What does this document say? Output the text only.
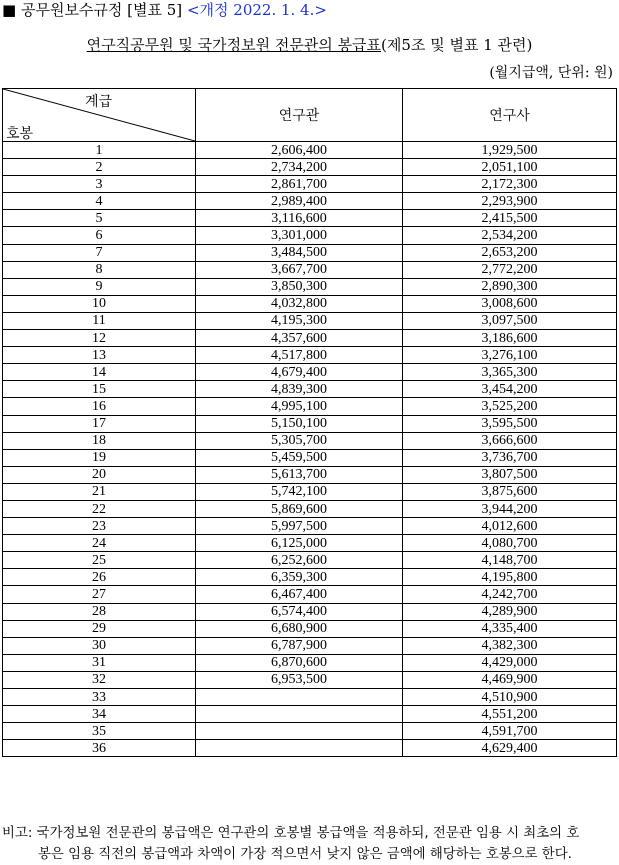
■ 공무원보수규정 [별표 5] <개정 2022. 1. 4.>
연구직공무원 및 국가정보원 전문관의 봉급표(제5조 및 별표 1 관련)
(월지급액, 단위: 원)
계급
호봉	연구관	연구사
1	2,606,400	1,929,500
2	2,734,200	2,051,100
3	2,861,700	2,172,300
4	2,989,400	2,293,900
5	3,116,600	2,415,500
6	3,301,000	2,534,200
7	3,484,500	2,653,200
8	3,667,700	2,772,200
9	3,850,300	2,890,300
10	4,032,800	3,008,600
11	4,195,300	3,097,500
12	4,357,600	3,186,600
13	4,517,800	3,276,100
14	4,679,400	3,365,300
15	4,839,300	3,454,200
16	4,995,100	3,525,200
17	5,150,100	3,595,500
18	5,305,700	3,666,600
19	5,459,500	3,736,700
20	5,613,700	3,807,500
21	5,742,100	3,875,600
22	5,869,600	3,944,200
23	5,997,500	4,012,600
24	6,125,000	4,080,700
25	6,252,600	4,148,700
26	6,359,300	4,195,800
27	6,467,400	4,242,700
28	6,574,400	4,289,900
29	6,680,900	4,335,400
30	6,787,900	4,382,300
31	6,870,600	4,429,000
32	6,953,500	4,469,900
33		4,510,900
34		4,551,200
35		4,591,700
36		4,629,400
비고: 국가정보원 전문관의 봉급액은 연구관의 호봉별 봉급액을 적용하되, 전문관 임용 시 최초의 호
봉은 임용 직전의 봉급액과 차액이 가장 적으면서 낮지 않은 금액에 해당하는 호봉으로 한다.
